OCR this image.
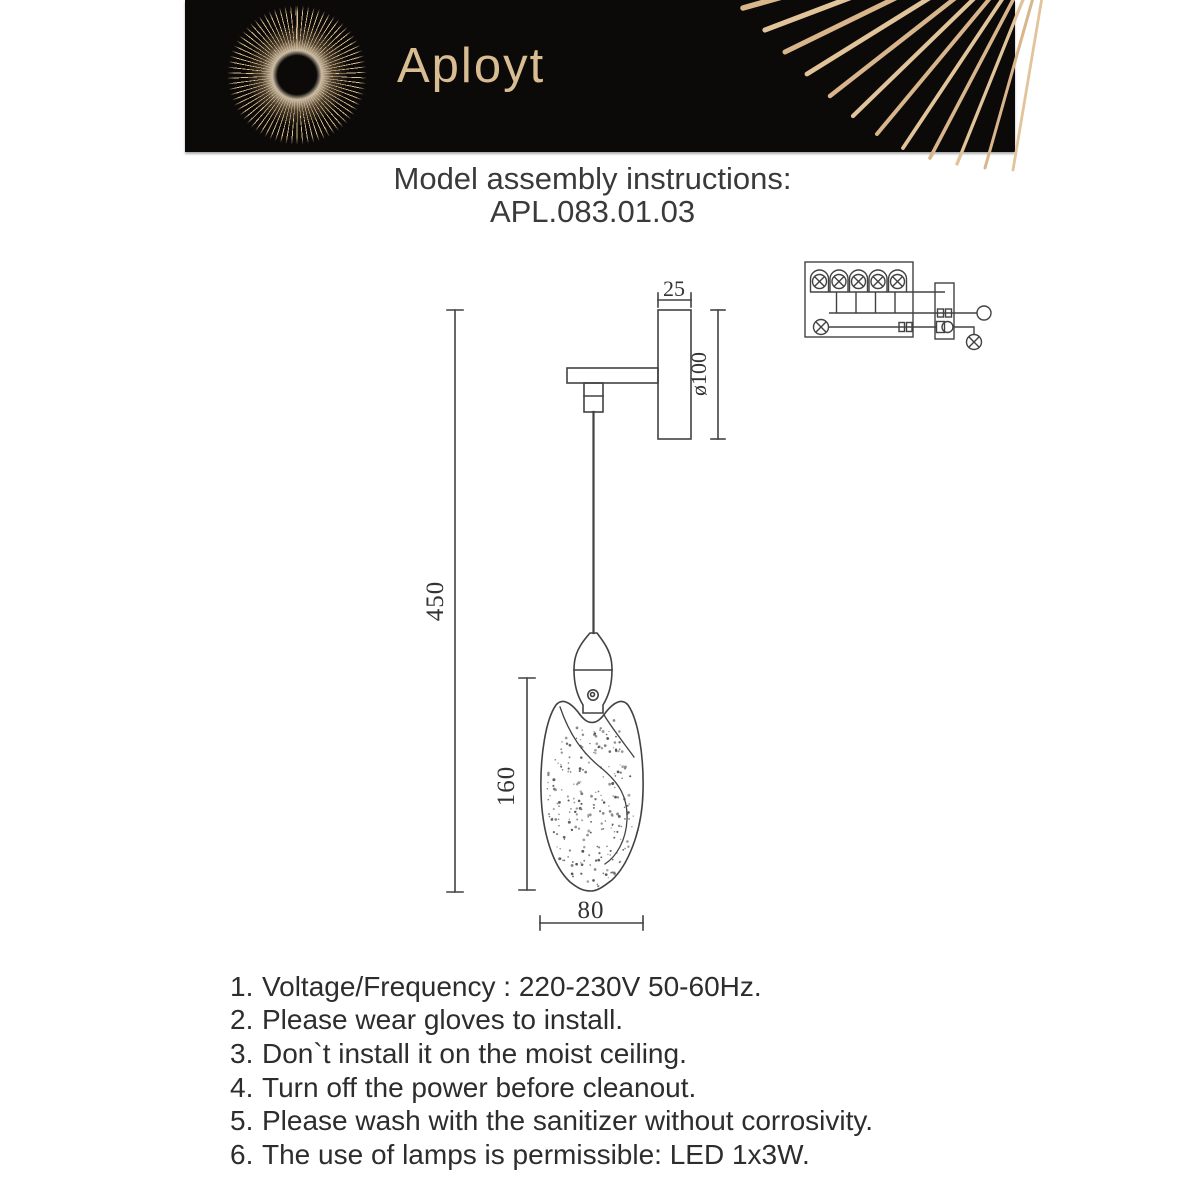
Aployt
Model assembly instructions:
APL.083.01.03
25
ø100
450
160
80
1. Voltage/Frequency : 220-230V 50-60Hz.
2. Please wear gloves to install.
3. Don`t install it on the moist ceiling.
4. Turn off the power before cleanout.
5. Please wash with the sanitizer without corrosivity.
6. The use of lamps is permissible: LED 1x3W.
